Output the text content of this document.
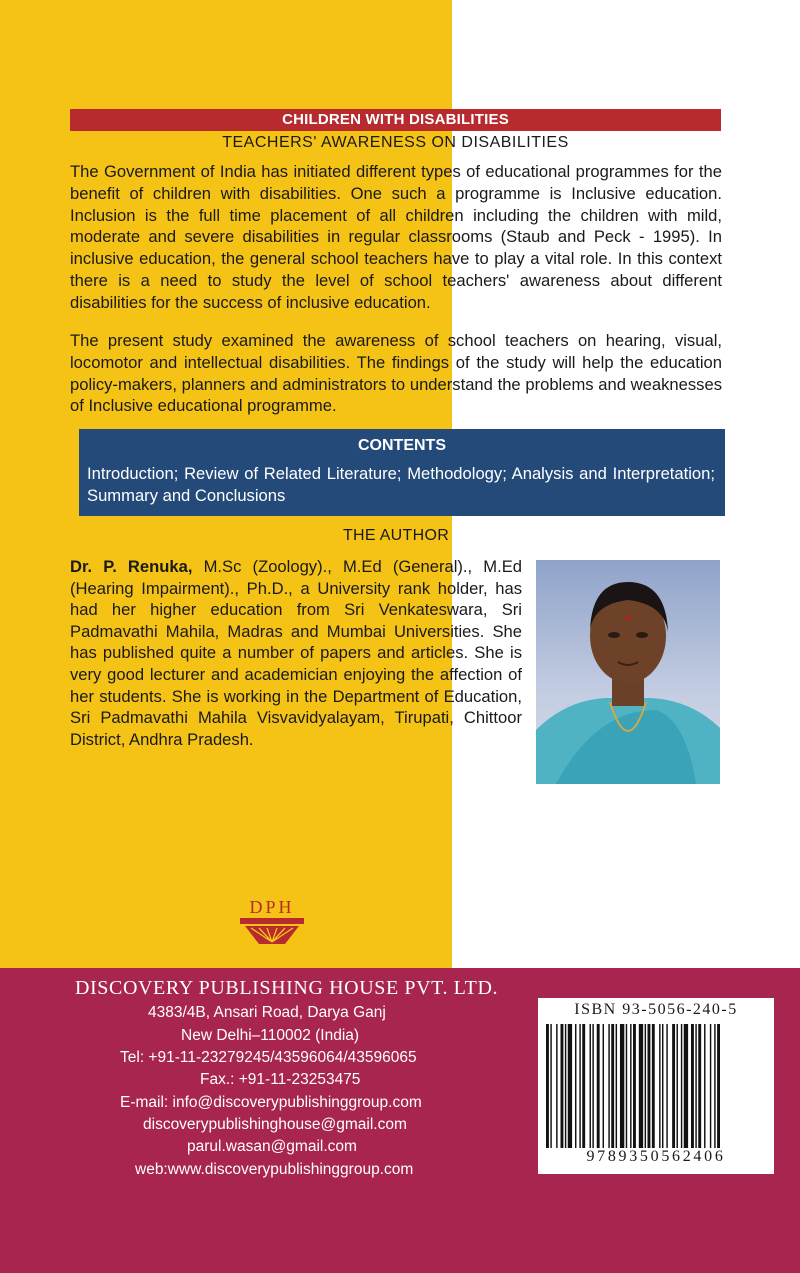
CHILDREN WITH DISABILITIES
TEACHERS' AWARENESS ON DISABILITIES

The Government of India has initiated different types of educational programmes for the benefit of children with disabilities. One such a programme is Inclusive education. Inclusion is the full time placement of all children including the children with mild, moderate and severe disabilities in regular classrooms (Staub and Peck - 1995). In inclusive education, the general school teachers have to play a vital role. In this context there is a need to study the level of school teachers' awareness about different disabilities for the success of inclusive education.

The present study examined the awareness of school teachers on hearing, visual, locomotor and intellectual disabilities. The findings of the study will help the education policy-makers, planners and administrators to understand the problems and weaknesses of Inclusive educational programme.

CONTENTS
Introduction; Review of Related Literature; Methodology; Analysis and Interpretation; Summary and Conclusions
THE AUTHOR

Dr. P. Renuka, M.Sc (Zoology)., M.Ed (General)., M.Ed (Hearing Impairment)., Ph.D., a University rank holder, has had her higher education from Sri Venkateswara, Sri Padmavathi Mahila, Madras and Mumbai Universities. She has published quite a number of papers and articles. She is very good lecturer and academician enjoying the affection of her students. She is working in the Department of Education, Sri Padmavathi Mahila Visvavidyalayam, Tirupati, Chittoor District, Andhra Pradesh.

DPH
DISCOVERY PUBLISHING HOUSE PVT. LTD.
4383/4B, Ansari Road, Darya Ganj
New Delhi–110002 (India)
Tel: +91-11-23279245/43596064/43596065
Fax.: +91-11-23253475
E-mail: info@discoverypublishinggroup.com
discoverypublishinghouse@gmail.com
parul.wasan@gmail.com
web:www.discoverypublishinggroup.com
ISBN 93-5056-240-5
9789350562406
